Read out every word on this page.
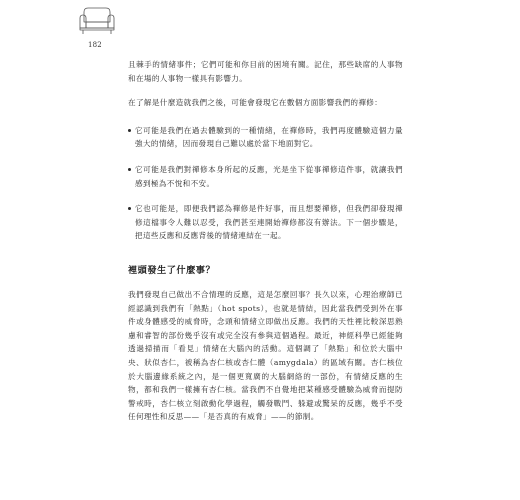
182

且棘手的情緒事件；它們可能和你目前的困境有關。記住，那些缺席的人事物和在場的人事物一樣具有影響力。

在了解是什麼造就我們之後，可能會發現它在數個方面影響我們的禪修：

它可能是我們在過去體驗到的一種情緒，在禪修時，我們再度體驗這個力量強大的情緒，因而發現自己難以處於當下地面對它。
它可能是我們對禪修本身所起的反應，光是坐下從事禪修這件事，就讓我們感到極為不悅和不安。
它也可能是，即便我們認為禪修是件好事，而且想要禪修，但我們卻發現禪修這檔事令人難以忍受，我們甚至連開始禪修都沒有辦法。下一個步驟是，把這些反應和反應背後的情緒連結在一起。
裡頭發生了什麼事？

我們發現自己做出不合情理的反應，這是怎麼回事？長久以來，心理治療師已經認識到我們有「熱點」（hot spots），也就是情結，因此當我們受到外在事件或身體感受的威脅時，念頭和情緒立即做出反應。我們的天性裡比較深思熟慮和睿智的部份幾乎沒有或完全沒有參與這個過程。最近，神經科學已經能夠透過掃描而「看見」情緒在大腦內的活動。這個調了「熱點」和位於大腦中央、狀似杏仁，被稱為杏仁核或杏仁體（amygdala）的區域有關。杏仁核位於大腦邊緣系統之內，是一個更寬廣的大腦網絡的一部份，有情緒反應的生物，都和我們一樣擁有杏仁核。當我們不自覺地把某種感受體驗為威脅而提防警戒時，杏仁核立刻啟動化學過程，觸發戰鬥、躲避或驚呆的反應，幾乎不受任何理性和反思——「是否真的有威脅」——的節制。
